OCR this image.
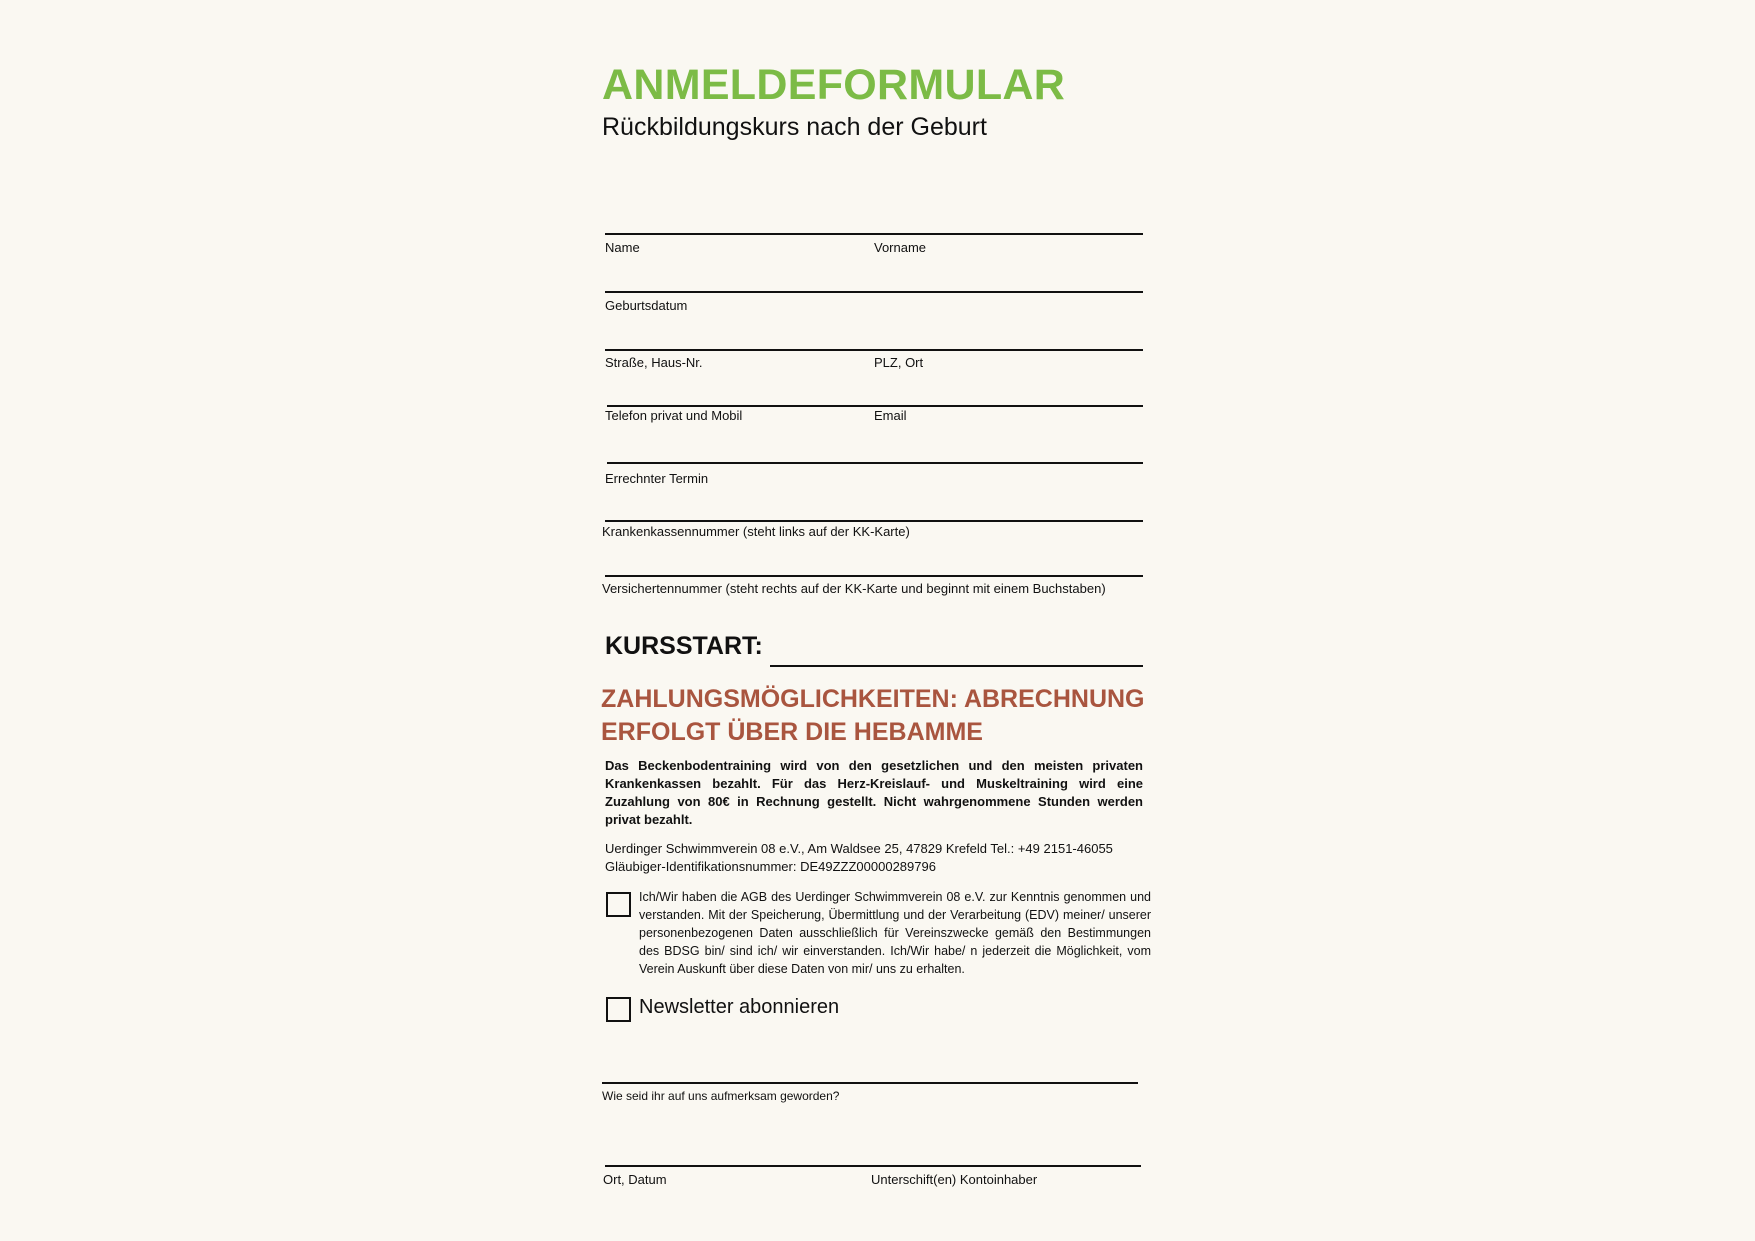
ANMELDEFORMULAR
Rückbildungskurs nach der Geburt
Name	Vorname
Geburtsdatum
Straße, Haus-Nr.	PLZ, Ort
Telefon privat und Mobil	Email
Errechnter Termin
Krankenkassennummer (steht links auf der KK-Karte)
Versichertennummer (steht rechts auf der KK-Karte und beginnt mit einem Buchstaben)
KURSSTART:
ZAHLUNGSMÖGLICHKEITEN: ABRECHNUNG ERFOLGT ÜBER DIE HEBAMME
Das Beckenbodentraining wird von den gesetzlichen und den meisten privaten Krankenkassen bezahlt. Für das Herz-Kreislauf- und Muskeltraining wird eine Zuzahlung von 80€ in Rechnung gestellt. Nicht wahrgenommene Stunden werden privat bezahlt.
Uerdinger Schwimmverein 08 e.V., Am Waldsee 25, 47829 Krefeld Tel.: +49 2151-46055
Gläubiger-Identifikationsnummer: DE49ZZZ00000289796
Ich/Wir haben die AGB des Uerdinger Schwimmverein 08 e.V. zur Kenntnis genommen und verstanden. Mit der Speicherung, Übermittlung und der Verarbeitung (EDV) meiner/ unserer personenbezogenen Daten ausschließlich für Vereinszwecke gemäß den Bestimmungen des BDSG bin/ sind ich/ wir einverstanden. Ich/Wir habe/ n jederzeit die Möglichkeit, vom Verein Auskunft über diese Daten von mir/ uns zu erhalten.
Newsletter abonnieren
Wie seid ihr auf uns aufmerksam geworden?
Ort, Datum	Unterschift(en) Kontoinhaber
